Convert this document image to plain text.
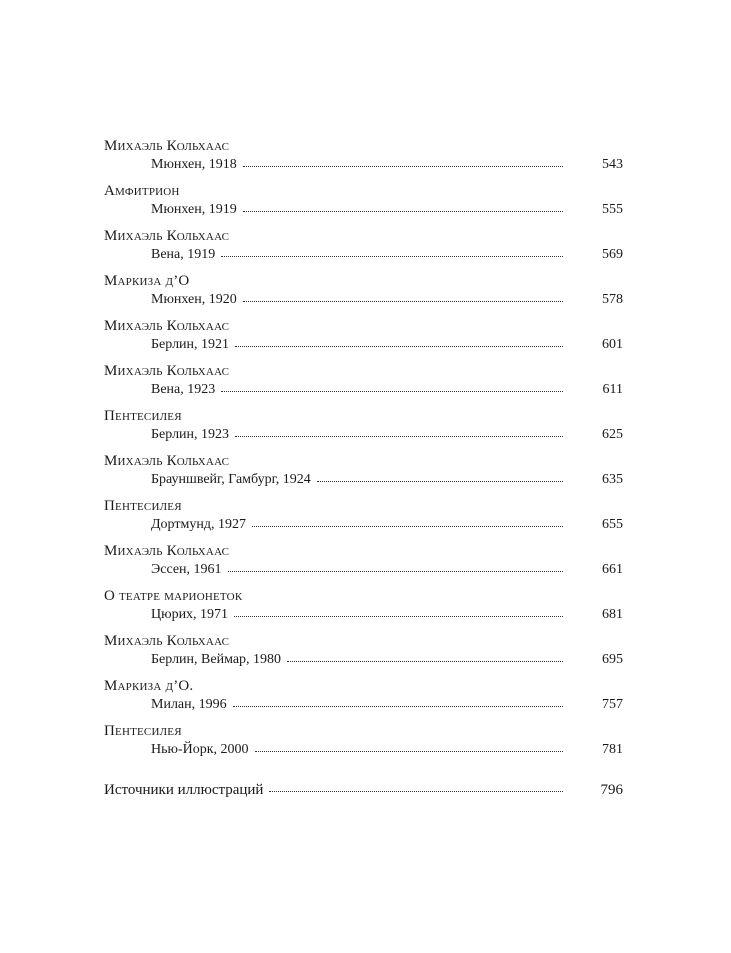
Михаэль Кольхаас
Мюнхен, 1918	543
Амфитрион
Мюнхен, 1919	555
Михаэль Кольхаас
Вена, 1919	569
Маркиза д’О
Мюнхен, 1920	578
Михаэль Кольхаас
Берлин, 1921	601
Михаэль Кольхаас
Вена, 1923	611
Пентесилея
Берлин, 1923	625
Михаэль Кольхаас
Брауншвейг, Гамбург, 1924	635
Пентесилея
Дортмунд, 1927	655
Михаэль Кольхаас
Эссен, 1961	661
О театре марионеток
Цюрих, 1971	681
Михаэль Кольхаас
Берлин, Веймар, 1980	695
Маркиза д’О.
Милан, 1996	757
Пентесилея
Нью-Йорк, 2000	781
Источники иллюстраций	796
